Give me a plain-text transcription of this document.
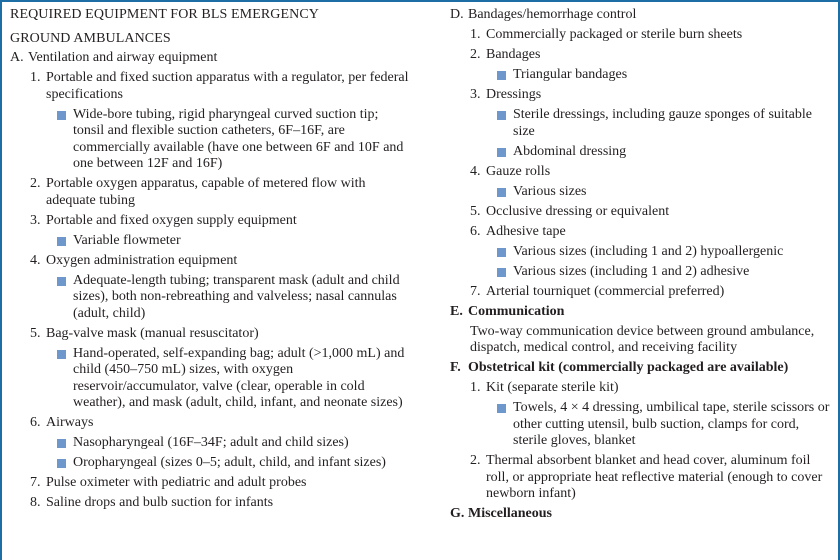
REQUIRED EQUIPMENT FOR BLS EMERGENCY
GROUND AMBULANCES
A. Ventilation and airway equipment
1. Portable and fixed suction apparatus with a regulator, per federal specifications
Wide-bore tubing, rigid pharyngeal curved suction tip; tonsil and flexible suction catheters, 6F–16F, are commercially available (have one between 6F and 10F and one between 12F and 16F)
2. Portable oxygen apparatus, capable of metered flow with adequate tubing
3. Portable and fixed oxygen supply equipment
Variable flowmeter
4. Oxygen administration equipment
Adequate-length tubing; transparent mask (adult and child sizes), both non-rebreathing and valveless; nasal cannulas (adult, child)
5. Bag-valve mask (manual resuscitator)
Hand-operated, self-expanding bag; adult (>1,000 mL) and child (450–750 mL) sizes, with oxygen reservoir/accumulator, valve (clear, operable in cold weather), and mask (adult, child, infant, and neonate sizes)
6. Airways
Nasopharyngeal (16F–34F; adult and child sizes)
Oropharyngeal (sizes 0–5; adult, child, and infant sizes)
7. Pulse oximeter with pediatric and adult probes
8. Saline drops and bulb suction for infants
D. Bandages/hemorrhage control
1. Commercially packaged or sterile burn sheets
2. Bandages
Triangular bandages
3. Dressings
Sterile dressings, including gauze sponges of suitable size
Abdominal dressing
4. Gauze rolls
Various sizes
5. Occlusive dressing or equivalent
6. Adhesive tape
Various sizes (including 1 and 2) hypoallergenic
Various sizes (including 1 and 2) adhesive
7. Arterial tourniquet (commercial preferred)
E. Communication
Two-way communication device between ground ambulance, dispatch, medical control, and receiving facility
F. Obstetrical kit (commercially packaged are available)
1. Kit (separate sterile kit)
Towels, 4 × 4 dressing, umbilical tape, sterile scissors or other cutting utensil, bulb suction, clamps for cord, sterile gloves, blanket
2. Thermal absorbent blanket and head cover, aluminum foil roll, or appropriate heat reflective material (enough to cover newborn infant)
G. Miscellaneous
